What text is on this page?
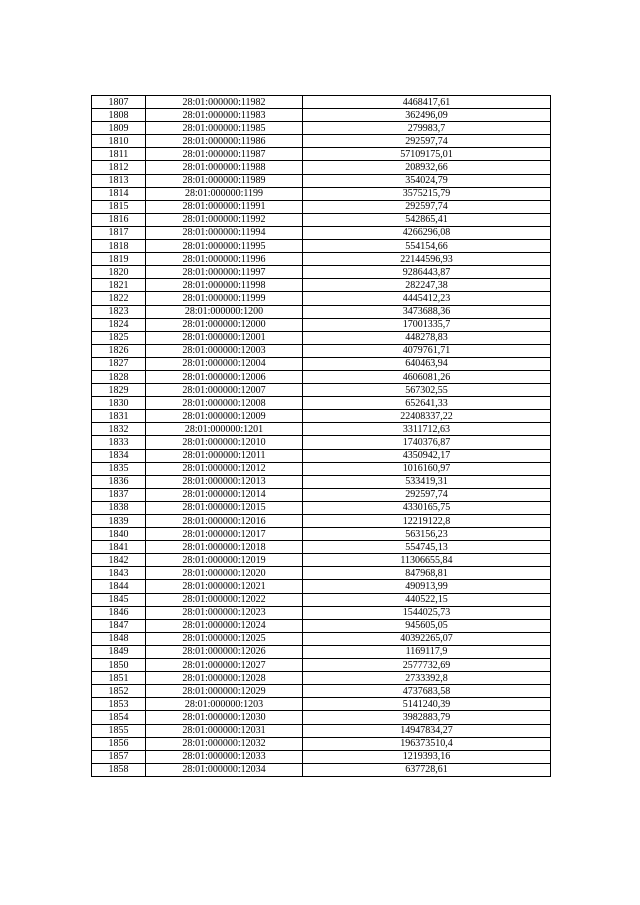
1807	28:01:000000:11982	4468417,61
1808	28:01:000000:11983	362496,09
1809	28:01:000000:11985	279983,7
1810	28:01:000000:11986	292597,74
1811	28:01:000000:11987	57109175,01
1812	28:01:000000:11988	208932,66
1813	28:01:000000:11989	354024,79
1814	28:01:000000:1199	3575215,79
1815	28:01:000000:11991	292597,74
1816	28:01:000000:11992	542865,41
1817	28:01:000000:11994	4266296,08
1818	28:01:000000:11995	554154,66
1819	28:01:000000:11996	22144596,93
1820	28:01:000000:11997	9286443,87
1821	28:01:000000:11998	282247,38
1822	28:01:000000:11999	4445412,23
1823	28:01:000000:1200	3473688,36
1824	28:01:000000:12000	17001335,7
1825	28:01:000000:12001	448278,83
1826	28:01:000000:12003	4079761,71
1827	28:01:000000:12004	640463,94
1828	28:01:000000:12006	4606081,26
1829	28:01:000000:12007	567302,55
1830	28:01:000000:12008	652641,33
1831	28:01:000000:12009	22408337,22
1832	28:01:000000:1201	3311712,63
1833	28:01:000000:12010	1740376,87
1834	28:01:000000:12011	4350942,17
1835	28:01:000000:12012	1016160,97
1836	28:01:000000:12013	533419,31
1837	28:01:000000:12014	292597,74
1838	28:01:000000:12015	4330165,75
1839	28:01:000000:12016	12219122,8
1840	28:01:000000:12017	563156,23
1841	28:01:000000:12018	554745,13
1842	28:01:000000:12019	11306655,84
1843	28:01:000000:12020	847968,81
1844	28:01:000000:12021	490913,99
1845	28:01:000000:12022	440522,15
1846	28:01:000000:12023	1544025,73
1847	28:01:000000:12024	945605,05
1848	28:01:000000:12025	40392265,07
1849	28:01:000000:12026	1169117,9
1850	28:01:000000:12027	2577732,69
1851	28:01:000000:12028	2733392,8
1852	28:01:000000:12029	4737683,58
1853	28:01:000000:1203	5141240,39
1854	28:01:000000:12030	3982883,79
1855	28:01:000000:12031	14947834,27
1856	28:01:000000:12032	196373510,4
1857	28:01:000000:12033	1219393,16
1858	28:01:000000:12034	637728,61
